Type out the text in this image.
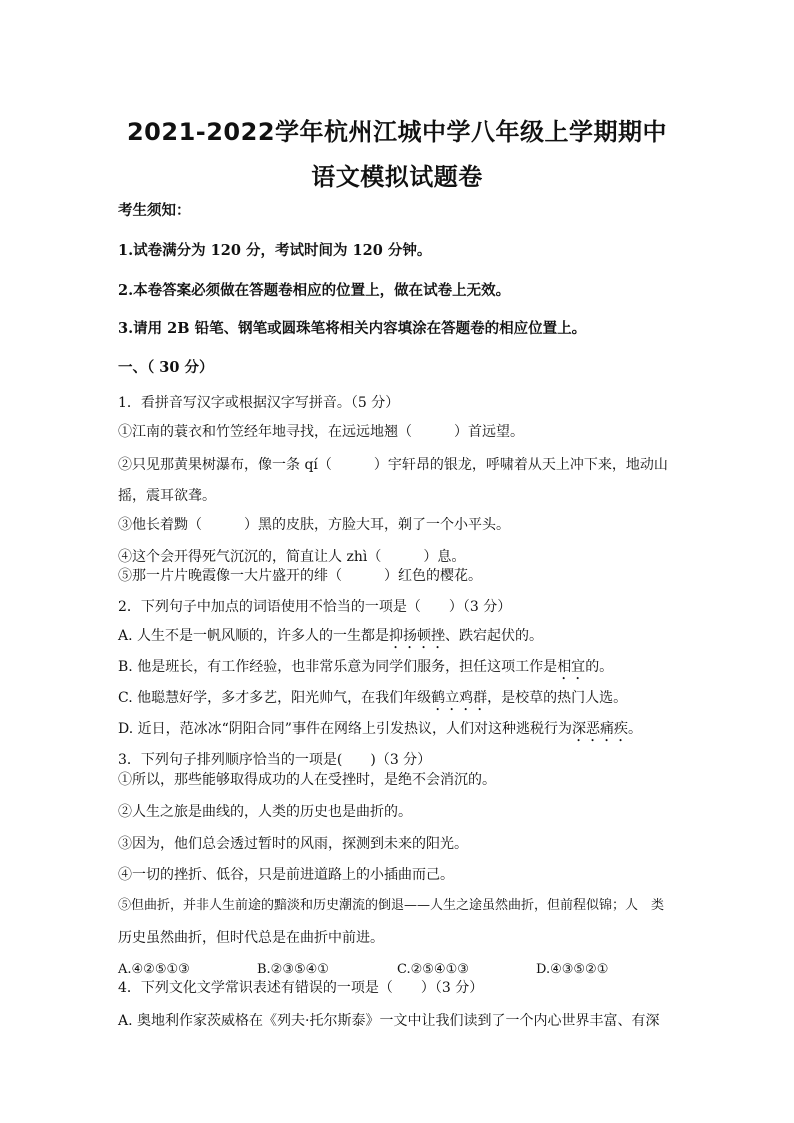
2021-2022学年杭州江城中学八年级上学期期中
语文模拟试题卷
考生须知：
1.试卷满分为 120 分，考试时间为 120 分钟。
2.本卷答案必须做在答题卷相应的位置上，做在试卷上无效。
3.请用 2B 铅笔、钢笔或圆珠笔将相关内容填涂在答题卷的相应位置上。
一、（ 30 分）
1．看拼音写汉字或根据汉字写拼音。（5 分）
①江南的蓑衣和竹笠经年地寻找，在远远地翘（　　　）首远望。
②只见那黄果树瀑布，像一条 qí（　　　）宇轩昂的银龙，呼啸着从天上冲下来，地动山
摇，震耳欲聋。
③他长着黝（　　　）黑的皮肤，方脸大耳，剃了一个小平头。
④这个会开得死气沉沉的，简直让人 zhì（　　　）息。
⑤那一片片晚霞像一大片盛开的绯（　　　）红色的樱花。
2．下列句子中加点的词语使用不恰当的一项是（　　）（3 分）
A. 人生不是一帆风顺的，许多人的一生都是抑扬顿挫、跌宕起伏的。
B. 他是班长，有工作经验，也非常乐意为同学们服务，担任这项工作是相宜的。
C. 他聪慧好学，多才多艺，阳光帅气，在我们年级鹤立鸡群，是校草的热门人选。
D. 近日，范冰冰“阴阳合同”事件在网络上引发热议，人们对这种逃税行为深恶痛疾。
3．下列句子排列顺序恰当的一项是(　　)（3 分）
①所以，那些能够取得成功的人在受挫时，是绝不会消沉的。
②人生之旅是曲线的，人类的历史也是曲折的。
③因为，他们总会透过暂时的风雨，探测到未来的阳光。
④一切的挫折、低谷，只是前进道路上的小插曲而己。
⑤但曲折，并非人生前途的黯淡和历史潮流的倒退——人生之途虽然曲折，但前程似锦；人　类
历史虽然曲折，但时代总是在曲折中前进。
A.④②⑤①③	B.②③⑤④①	C.②⑤④①③	D.④③⑤②①
4．下列文化文学常识表述有错误的一项是（　　）（3 分）
A. 奥地利作家茨威格在《列夫·托尔斯泰》一文中让我们读到了一个内心世界丰富、有深
